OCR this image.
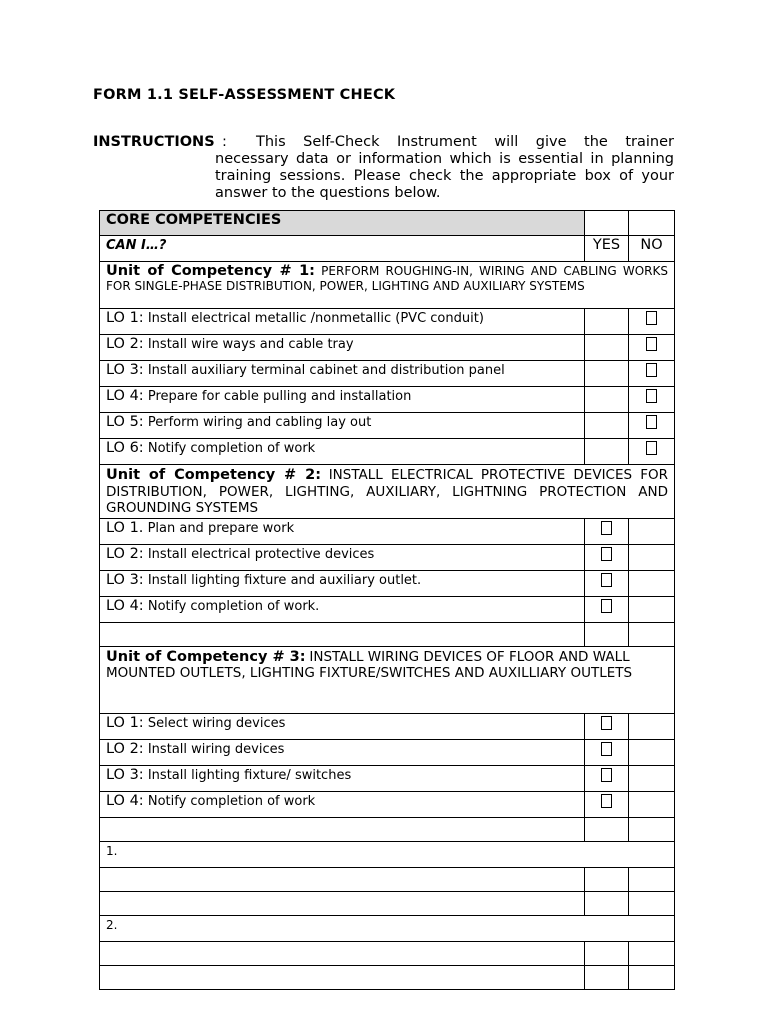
FORM 1.1 SELF-ASSESSMENT CHECK
INSTRUCTIONS :	This Self-Check Instrument will give the trainer necessary data or information which is essential in planning training sessions. Please check the appropriate box of your answer to the questions below.
CORE COMPETENCIES		
CAN I…?	YES	NO
Unit of Competency # 1: PERFORM ROUGHING-IN, WIRING AND CABLING WORKS FOR SINGLE-PHASE DISTRIBUTION, POWER, LIGHTING AND AUXILIARY SYSTEMS		
LO 1: Install electrical metallic /nonmetallic (PVC conduit)		
LO 2: Install wire ways and cable tray		
LO 3: Install auxiliary terminal cabinet and distribution panel		
LO 4: Prepare for cable pulling and installation		
LO 5: Perform wiring and cabling lay out		
LO 6: Notify completion of work		
Unit of Competency # 2: INSTALL ELECTRICAL PROTECTIVE DEVICES FOR DISTRIBUTION, POWER, LIGHTING, AUXILIARY, LIGHTNING PROTECTION AND GROUNDING SYSTEMS		
LO 1. Plan and prepare work		
LO 2: Install electrical protective devices		
LO 3: Install lighting fixture and auxiliary outlet.		
LO 4: Notify completion of work.		

Unit of Competency # 3: INSTALL WIRING DEVICES OF FLOOR AND WALL
MOUNTED OUTLETS, LIGHTING FIXTURE/SWITCHES AND AUXILLIARY OUTLETS		

LO 1: Select wiring devices		
LO 2: Install wiring devices		
LO 3: Install lighting fixture/ switches		
LO 4: Notify completion of work		

1.		

2.		
